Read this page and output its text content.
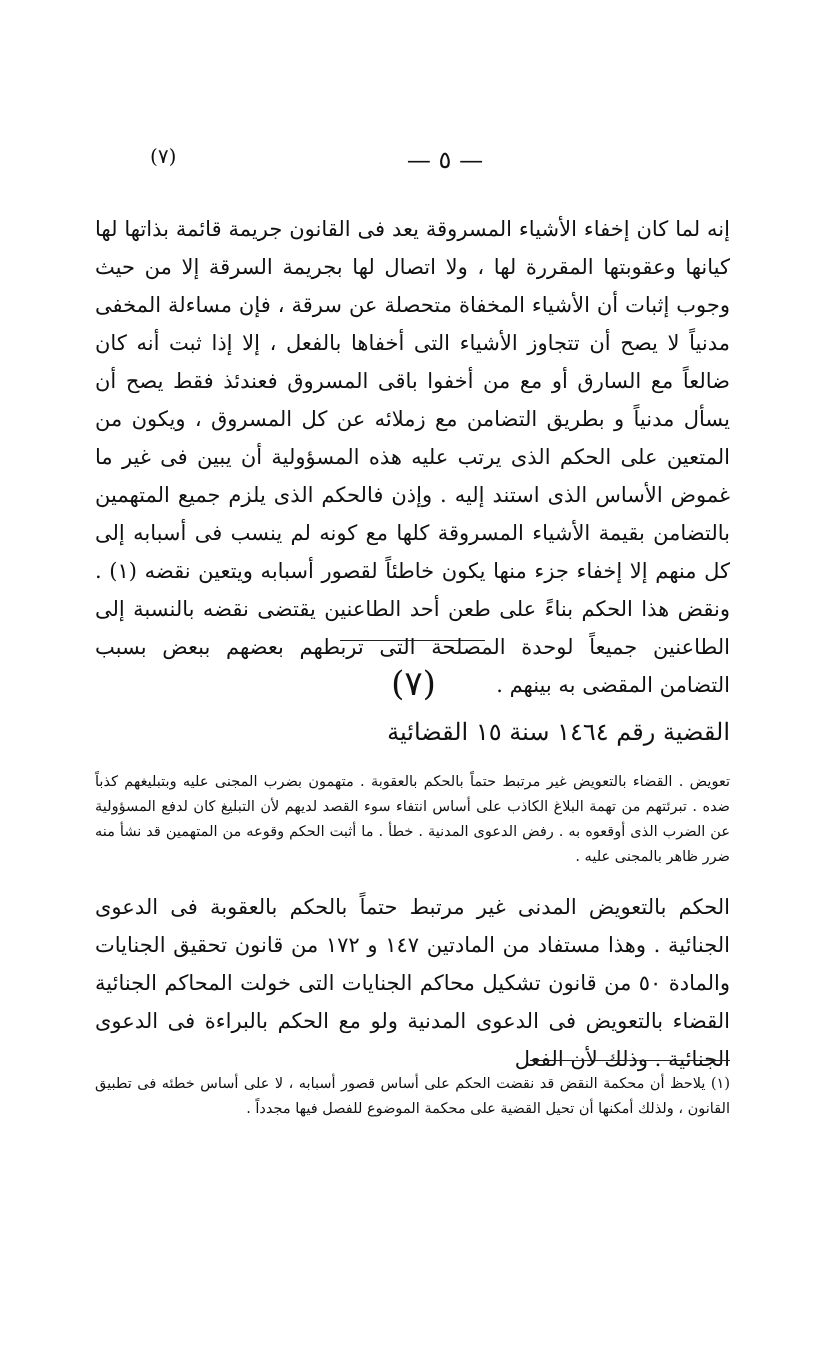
(٧)	— ٥ —

إنه لما كان إخفاء الأشياء المسروقة يعد فى القانون جريمة قائمة بذاتها لها كيانها وعقوبتها المقررة لها ، ولا اتصال لها بجريمة السرقة إلا من حيث وجوب إثبات أن الأشياء المخفاة متحصلة عن سرقة ، فإن مساءلة المخفى مدنياً لا يصح أن تتجاوز الأشياء التى أخفاها بالفعل ، إلا إذا ثبت أنه كان ضالعاً مع السارق أو مع من أخفوا باقى المسروق فعندئذ فقط يصح أن يسأل مدنياً و بطريق التضامن مع زملائه عن كل المسروق ، ويكون من المتعين على الحكم الذى يرتب عليه هذه المسؤولية أن يبين فى غير ما غموض الأساس الذى استند إليه . وإذن فالحكم الذى يلزم جميع المتهمين بالتضامن بقيمة الأشياء المسروقة كلها مع كونه لم ينسب فى أسبابه إلى كل منهم إلا إخفاء جزء منها يكون خاطئاً لقصور أسبابه ويتعين نقضه (١) . ونقض هذا الحكم بناءً على طعن أحد الطاعنين يقتضى نقضه بالنسبة إلى الطاعنين جميعاً لوحدة المصلحة التى تربطهم بعضهم ببعض بسبب التضامن المقضى به بينهم .

(٧)
القضية رقم ١٤٦٤ سنة ١٥ القضائية

تعويض . القضاء بالتعويض غير مرتبط حتماً بالحكم بالعقوبة . متهمون بضرب المجنى عليه وبتبليغهم كذباً ضده . تبرئتهم من تهمة البلاغ الكاذب على أساس انتفاء سوء القصد لديهم لأن التبليغ كان لدفع المسؤولية عن الضرب الذى أوقعوه به . رفض الدعوى المدنية . خطأ . ما أثبت الحكم وقوعه من المتهمين قد نشأ منه ضرر ظاهر بالمجنى عليه .

الحكم بالتعويض المدنى غير مرتبط حتماً بالحكم بالعقوبة فى الدعوى الجنائية . وهذا مستفاد من المادتين ١٤٧ و ١٧٢ من قانون تحقيق الجنايات والمادة ٥٠ من قانون تشكيل محاكم الجنايات التى خولت المحاكم الجنائية القضاء بالتعويض فى الدعوى المدنية ولو مع الحكم بالبراءة فى الدعوى الجنائية . وذلك لأن الفعل

(١) يلاحظ أن محكمة النقض قد نقضت الحكم على أساس قصور أسبابه ، لا على أساس خطئه فى تطبيق القانون ، ولذلك أمكنها أن تحيل القضية على محكمة الموضوع للفصل فيها مجدداً .
